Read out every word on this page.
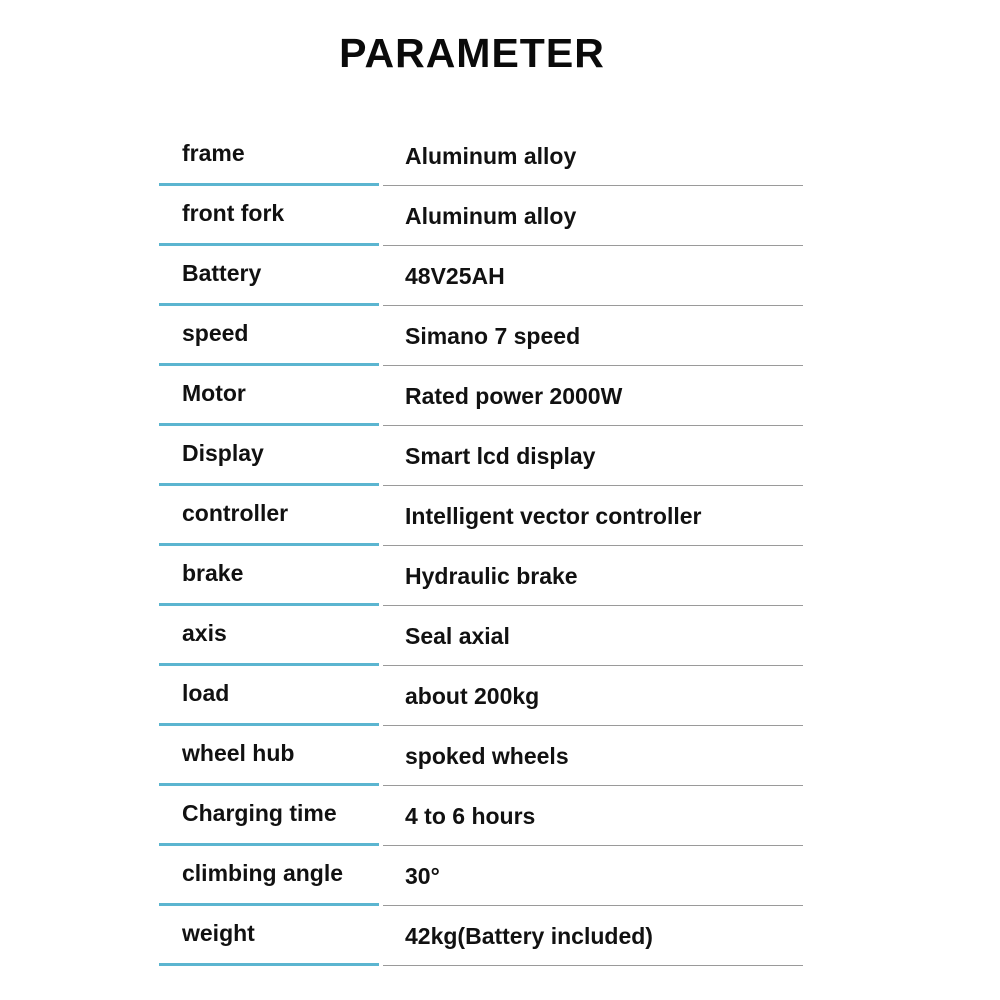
PARAMETER
frame	Aluminum alloy
front fork	Aluminum alloy
Battery	48V25AH
speed	Simano 7 speed
Motor	Rated power 2000W
Display	Smart lcd display
controller	Intelligent vector controller
brake	Hydraulic brake
axis	Seal axial
load	about 200kg
wheel hub	spoked wheels
Charging time	4 to 6 hours
climbing angle	30°
weight	42kg(Battery included)
